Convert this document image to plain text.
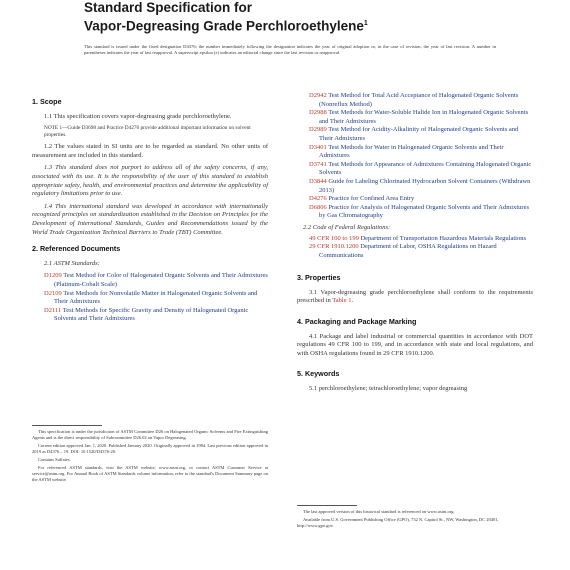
Standard Specification for
Vapor-Degreasing Grade Perchloroethylene$^1$
This standard is issued under the fixed designation D4376; the number immediately following the designation indicates the year of original adoption or, in the case of revision, the year of last revision. A number in parentheses indicates the year of last reapproval. A superscript epsilon (ε) indicates an editorial change since the last revision or reapproval.
1. Scope
1.1 This specification covers vapor-degreasing grade perchloroethylene.
NOTE 1—Guide D3698 and Practice D4276 provide additional important information on solvent properties.
1.2 The values stated in SI units are to be regarded as standard. No other units of measurement are included in this standard.
1.3 This standard does not purport to address all of the safety concerns, if any, associated with its use. It is the responsibility of the user of this standard to establish appropriate safety, health, and environmental practices and determine the applicability of regulatory limitations prior to use.
1.4 This international standard was developed in accordance with internationally recognized principles on standardization established in the Decision on Principles for the Development of International Standards, Guides and Recommendations issued by the World Trade Organization Technical Barriers to Trade (TBT) Committee.
2. Referenced Documents
2.1 ASTM Standards:
D1209 Test Method for Color of Halogenated Organic Solvents and Their Admixtures (Platinum-Cobalt Scale)
D2109 Test Methods for Nonvolatile Matter in Halogenated Organic Solvents and Their Admixtures
D2111 Test Methods for Specific Gravity and Density of Halogenated Organic Solvents and Their Admixtures

This specification is under the jurisdiction of ASTM Committee D26 on Halogenated Organic Solvents and Fire Extinguishing Agents and is the direct responsibility of Subcommittee D26.02 on Vapor Degreasing.

Current edition approved Jan. 1, 2020. Published January 2020. Originally approved in 1984. Last previous edition approved in 2019 as D4376 – 19. DOI: 10.1520/D4376-20.

Contains Sulfates.

For referenced ASTM standards, visit the ASTM website, www.astm.org, or contact ASTM Customer Service at service@astm.org. For Annual Book of ASTM Standards volume information, refer to the standard's Document Summary page on the ASTM website.

D2942 Test Method for Total Acid Acceptance of Halogenated Organic Solvents (Nonreflux Method)
D2988 Test Methods for Water-Soluble Halide Ion in Halogenated Organic Solvents and Their Admixtures
D2989 Test Method for Acidity-Alkalinity of Halogenated Organic Solvents and Their Admixtures
D3401 Test Methods for Water in Halogenated Organic Solvents and Their Admixtures
D3741 Test Methods for Appearance of Admixtures Containing Halogenated Organic Solvents
D3844 Guide for Labeling Chlorinated Hydrocarbon Solvent Containers (Withdrawn 2013)
D4276 Practice for Confined Area Entry
D6806 Practice for Analysis of Halogenated Organic Solvents and Their Admixtures by Gas Chromatography
2.2 Code of Federal Regulations:
49 CFR 100 to 199 Department of Transportation Hazardous Materials Regulations
29 CFR 1910.1200 Department of Labor, OSHA Regulations on Hazard Communications
3. Properties
3.1 Vapor-degreasing grade perchloroethylene shall conform to the requirements prescribed in Table 1.
4. Packaging and Package Marking
4.1 Package and label industrial or commercial quantities in accordance with DOT regulations 49 CFR 100 to 199, and in accordance with state and local regulations, and with OSHA regulations found in 29 CFR 1910.1200.
5. Keywords
5.1 perchloroethylene; tetrachloroethylene; vapor degreasing

The last approved version of this historical standard is referenced on www.astm.org.

Available from U.S. Government Publishing Office (GPO), 732 N. Capitol St., NW, Washington, DC 20401, http://www.gpo.gov.
